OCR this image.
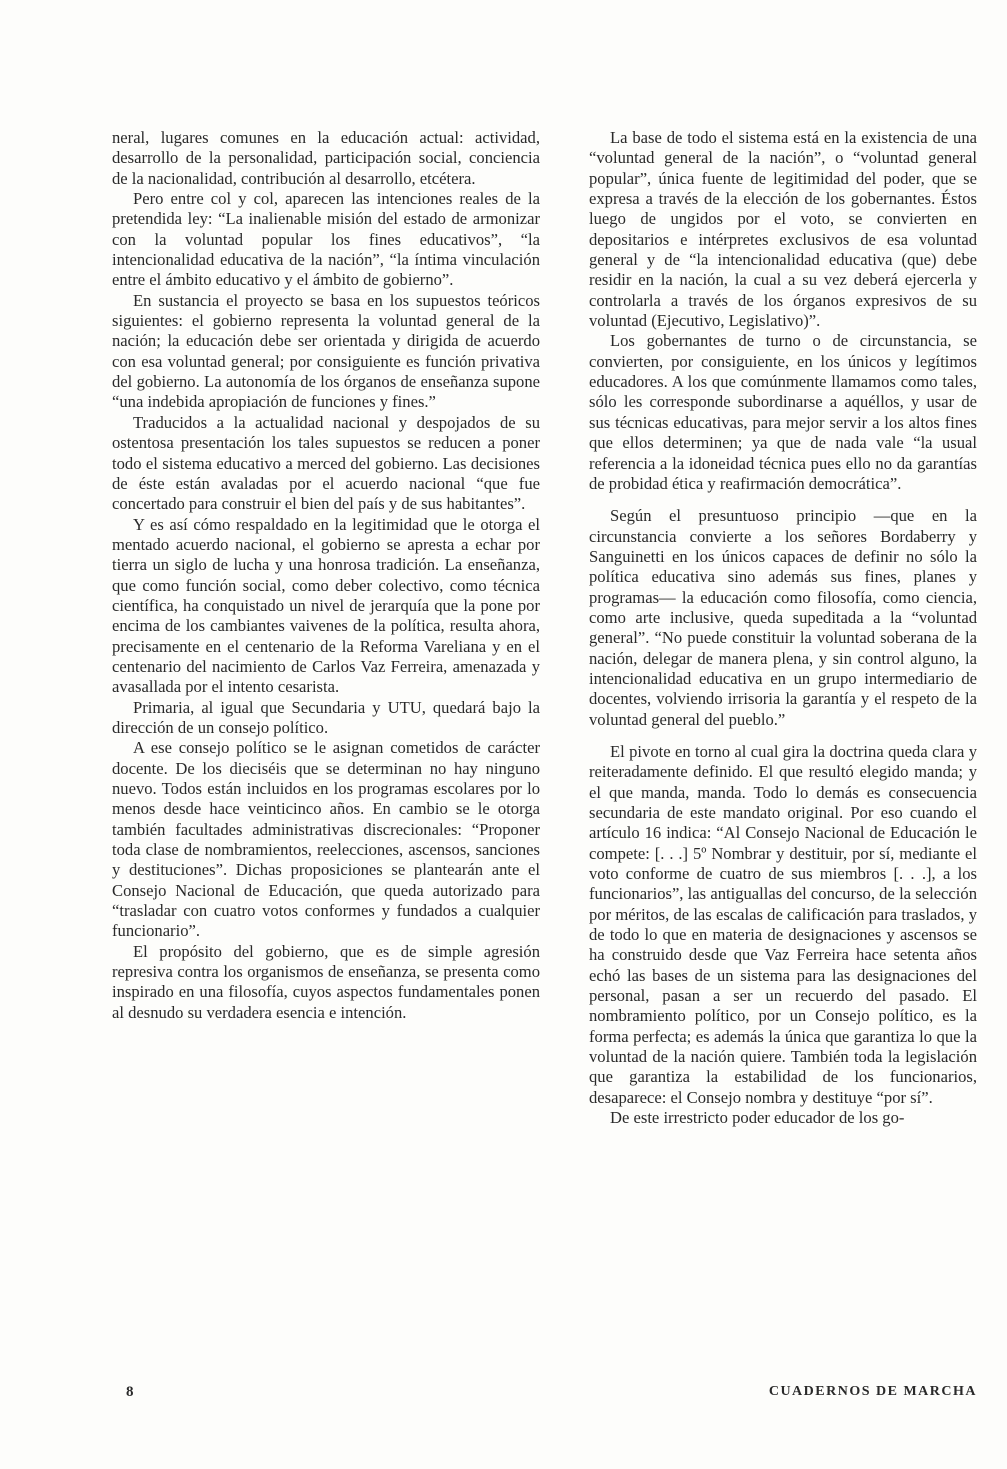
neral, lugares comunes en la educación actual: actividad, desarrollo de la personalidad, participación social, conciencia de la nacionalidad, contribución al desarrollo, etcétera.

Pero entre col y col, aparecen las intenciones reales de la pretendida ley: “La inalienable misión del estado de armonizar con la voluntad popular los fines educativos”, “la intencionalidad educativa de la nación”, “la íntima vinculación entre el ámbito educativo y el ámbito de gobierno”.

En sustancia el proyecto se basa en los supuestos teóricos siguientes: el gobierno representa la voluntad general de la nación; la educación debe ser orientada y dirigida de acuerdo con esa voluntad general; por consiguiente es función privativa del gobierno. La autonomía de los órganos de enseñanza supone “una indebida apropiación de funciones y fines.”

Traducidos a la actualidad nacional y despojados de su ostentosa presentación los tales supuestos se reducen a poner todo el sistema educativo a merced del gobierno. Las decisiones de éste están avaladas por el acuerdo nacional “que fue concertado para construir el bien del país y de sus habitantes”.

Y es así cómo respaldado en la legitimidad que le otorga el mentado acuerdo nacional, el gobierno se apresta a echar por tierra un siglo de lucha y una honrosa tradición. La enseñanza, que como función social, como deber colectivo, como técnica científica, ha conquistado un nivel de jerarquía que la pone por encima de los cambiantes vaivenes de la política, resulta ahora, precisamente en el centenario de la Reforma Vareliana y en el centenario del nacimiento de Carlos Vaz Ferreira, amenazada y avasallada por el intento cesarista.

Primaria, al igual que Secundaria y UTU, quedará bajo la dirección de un consejo político.

A ese consejo político se le asignan cometidos de carácter docente. De los dieciséis que se determinan no hay ninguno nuevo. Todos están incluidos en los programas escolares por lo menos desde hace veinticinco años. En cambio se le otorga también facultades administrativas discrecionales: “Proponer toda clase de nombramientos, reelecciones, ascensos, sanciones y destituciones”. Dichas proposiciones se plantearán ante el Consejo Nacional de Educación, que queda autorizado para “trasladar con cuatro votos conformes y fundados a cualquier funcionario”.

El propósito del gobierno, que es de simple agresión represiva contra los organismos de enseñanza, se presenta como inspirado en una filosofía, cuyos aspectos fundamentales ponen al desnudo su verdadera esencia e intención.

La base de todo el sistema está en la existencia de una “voluntad general de la nación”, o “voluntad general popular”, única fuente de legitimidad del poder, que se expresa a través de la elección de los gobernantes. Éstos luego de ungidos por el voto, se convierten en depositarios e intérpretes exclusivos de esa voluntad general y de “la intencionalidad educativa (que) debe residir en la nación, la cual a su vez deberá ejercerla y controlarla a través de los órganos expresivos de su voluntad (Ejecutivo, Legislativo)”.

Los gobernantes de turno o de circunstancia, se convierten, por consiguiente, en los únicos y legítimos educadores. A los que comúnmente llamamos como tales, sólo les corresponde subordinarse a aquéllos, y usar de sus técnicas educativas, para mejor servir a los altos fines que ellos determinen; ya que de nada vale “la usual referencia a la idoneidad técnica pues ello no da garantías de probidad ética y reafirmación democrática”.

Según el presuntuoso principio —que en la circunstancia convierte a los señores Bordaberry y Sanguinetti en los únicos capaces de definir no sólo la política educativa sino además sus fines, planes y programas— la educación como filosofía, como ciencia, como arte inclusive, queda supeditada a la “voluntad general”. “No puede constituir la voluntad soberana de la nación, delegar de manera plena, y sin control alguno, la intencionalidad educativa en un grupo intermediario de docentes, volviendo irrisoria la garantía y el respeto de la voluntad general del pueblo.”

El pivote en torno al cual gira la doctrina queda clara y reiteradamente definido. El que resultó elegido manda; y el que manda, manda. Todo lo demás es consecuencia secundaria de este mandato original. Por eso cuando el artículo 16 indica: “Al Consejo Nacional de Educación le compete: [. . .] 5º Nombrar y destituir, por sí, mediante el voto conforme de cuatro de sus miembros [. . .], a los funcionarios”, las antiguallas del concurso, de la selección por méritos, de las escalas de calificación para traslados, y de todo lo que en materia de designaciones y ascensos se ha construido desde que Vaz Ferreira hace setenta años echó las bases de un sistema para las designaciones del personal, pasan a ser un recuerdo del pasado. El nombramiento político, por un Consejo político, es la forma perfecta; es además la única que garantiza lo que la voluntad de la nación quiere. También toda la legislación que garantiza la estabilidad de los funcionarios, desaparece: el Consejo nombra y destituye “por sí”.

De este irrestricto poder educador de los go-

8	CUADERNOS DE MARCHA
